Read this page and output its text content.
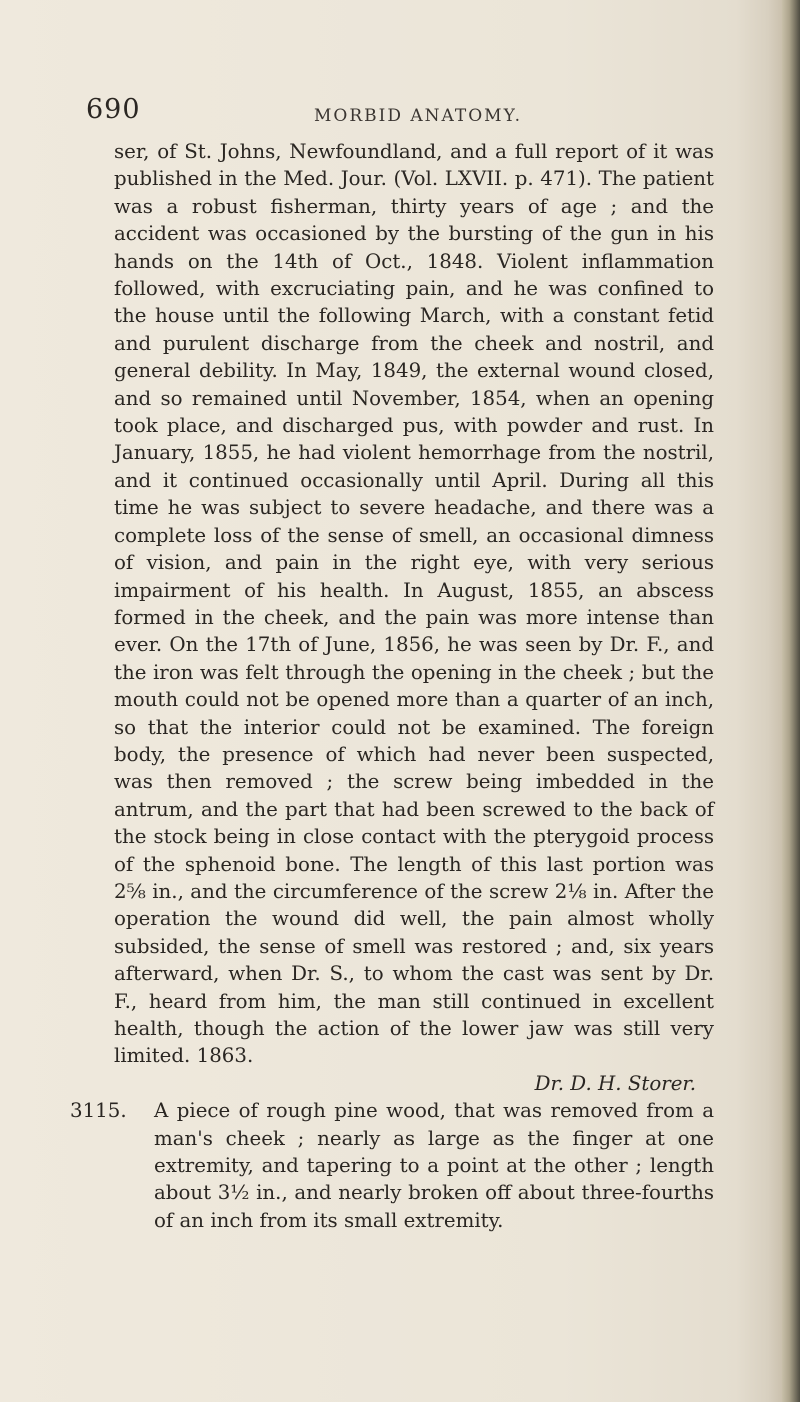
690	MORBID ANATOMY.

ser, of St. Johns, Newfoundland, and a full report of it was published in the Med. Jour. (Vol. LXVII. p. 471). The patient was a robust fisherman, thirty years of age ; and the accident was occasioned by the bursting of the gun in his hands on the 14th of Oct., 1848. Violent inflammation followed, with excruciating pain, and he was confined to the house until the following March, with a constant fetid and purulent discharge from the cheek and nostril, and general debility. In May, 1849, the external wound closed, and so remained until November, 1854, when an opening took place, and discharged pus, with powder and rust. In January, 1855, he had violent hemorrhage from the nostril, and it continued occasionally until April. During all this time he was subject to severe headache, and there was a complete loss of the sense of smell, an occasional dimness of vision, and pain in the right eye, with very serious impairment of his health. In August, 1855, an abscess formed in the cheek, and the pain was more intense than ever. On the 17th of June, 1856, he was seen by Dr. F., and the iron was felt through the opening in the cheek ; but the mouth could not be opened more than a quarter of an inch, so that the interior could not be examined. The foreign body, the presence of which had never been suspected, was then removed ; the screw being imbedded in the antrum, and the part that had been screwed to the back of the stock being in close contact with the pterygoid process of the sphenoid bone. The length of this last portion was 2⅝ in., and the circumference of the screw 2⅛ in. After the operation the wound did well, the pain almost wholly subsided, the sense of smell was restored ; and, six years afterward, when Dr. S., to whom the cast was sent by Dr. F., heard from him, the man still continued in excellent health, though the action of the lower jaw was still very limited. 1863.

Dr. D. H. Storer.

3115. A piece of rough pine wood, that was removed from a man's cheek ; nearly as large as the finger at one extremity, and tapering to a point at the other ; length about 3½ in., and nearly broken off about three-fourths of an inch from its small extremity.
